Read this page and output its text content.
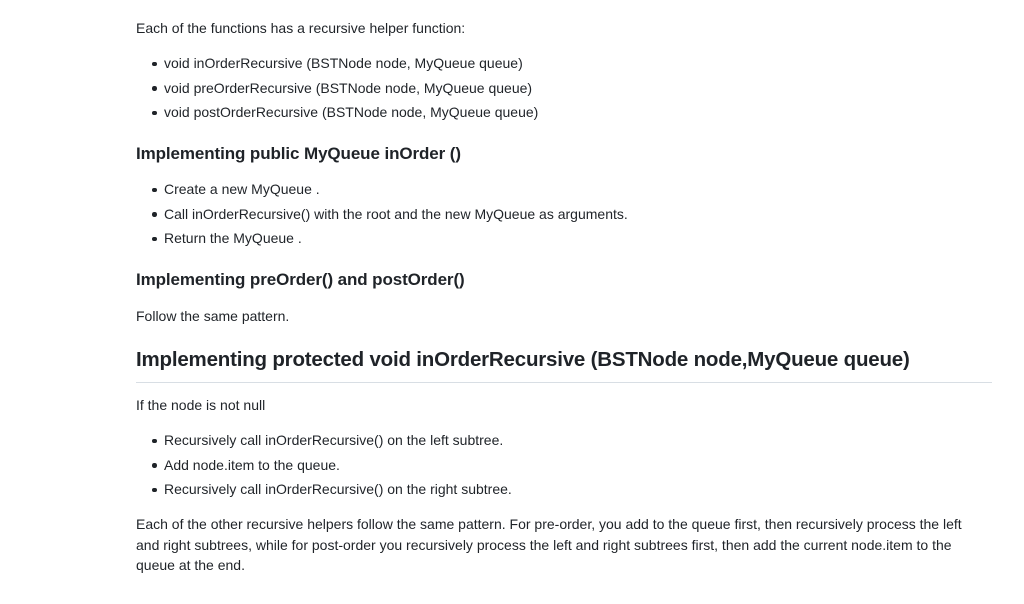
Each of the functions has a recursive helper function:

void inOrderRecursive (BSTNode node, MyQueue queue)
void preOrderRecursive (BSTNode node, MyQueue queue)
void postOrderRecursive (BSTNode node, MyQueue queue)
Implementing public MyQueue inOrder ()
Create a new MyQueue .
Call inOrderRecursive() with the root and the new MyQueue as arguments.
Return the MyQueue .
Implementing preOrder() and postOrder()

Follow the same pattern.

Implementing protected void inOrderRecursive (BSTNode node,MyQueue queue)

If the node is not null

Recursively call inOrderRecursive() on the left subtree.
Add node.item to the queue.
Recursively call inOrderRecursive() on the right subtree.

Each of the other recursive helpers follow the same pattern. For pre-order, you add to the queue first, then recursively process the left and right subtrees, while for post-order you recursively process the left and right subtrees first, then add the current node.item to the queue at the end.
